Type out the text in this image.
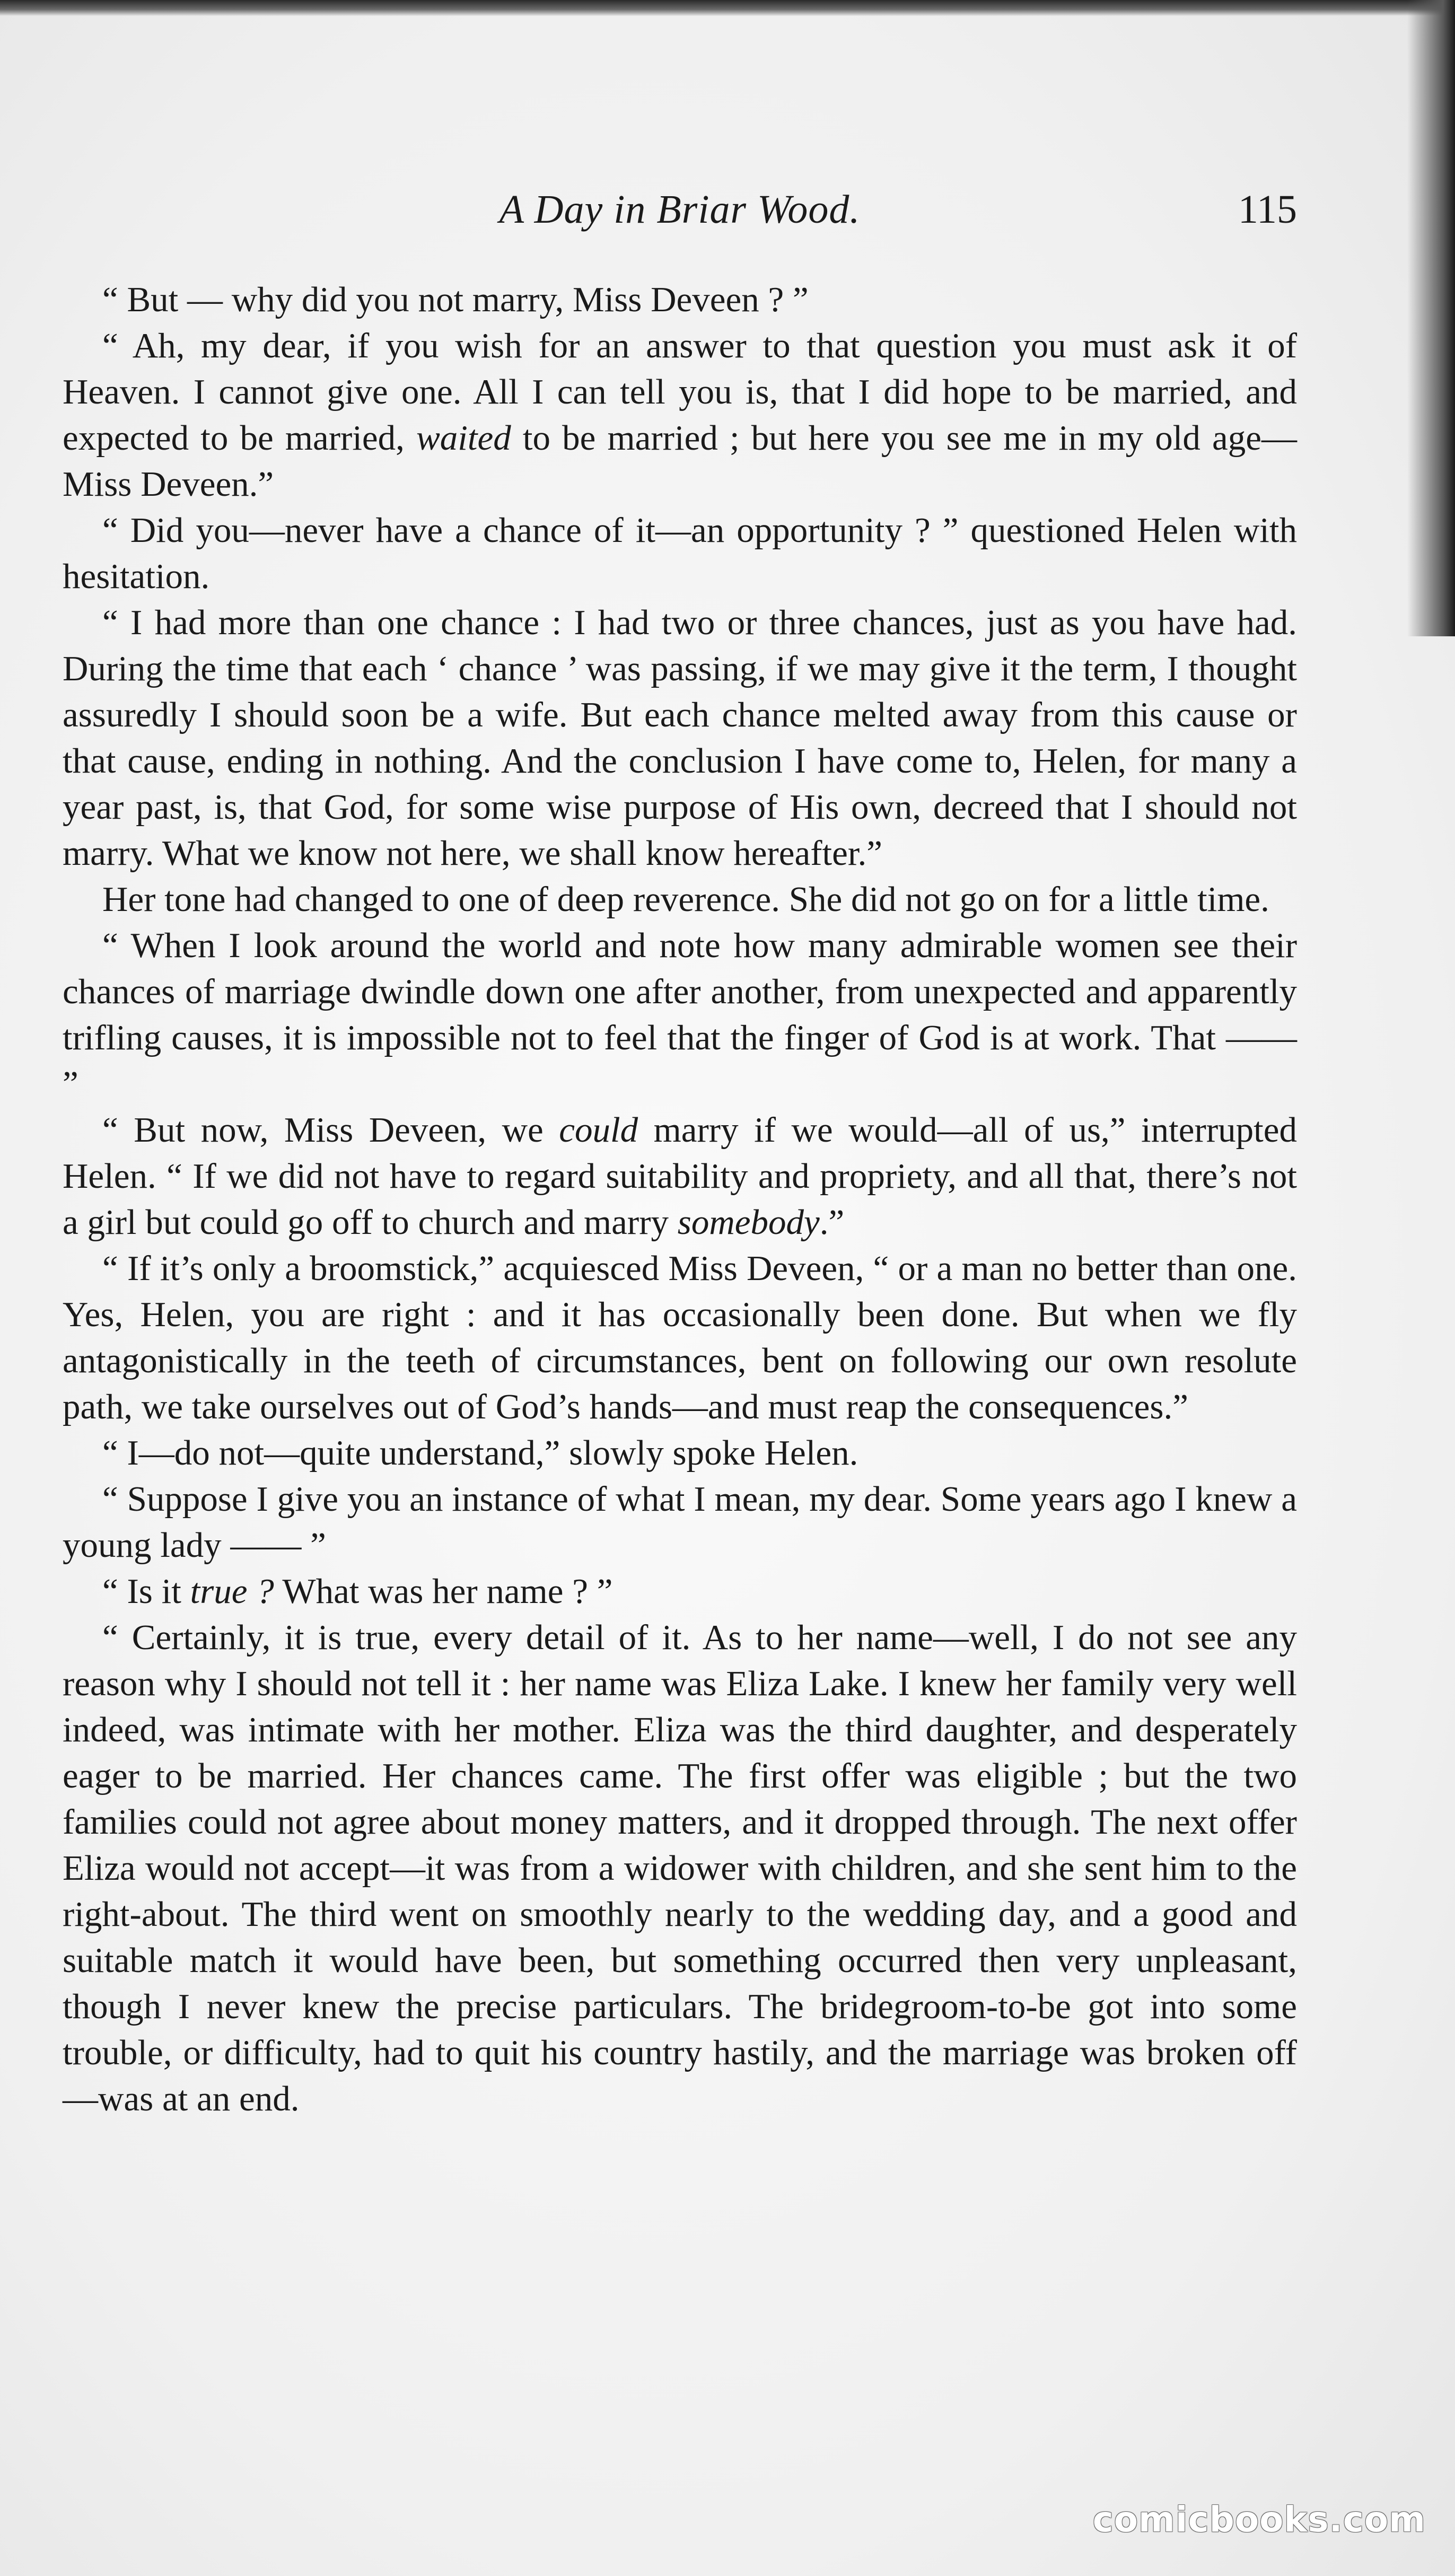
A Day in Briar Wood.	115

“ But — why did you not marry, Miss Deveen ? ”

“ Ah, my dear, if you wish for an answer to that question you must ask it of Heaven. I cannot give one. All I can tell you is, that I did hope to be married, and expected to be married, waited to be married ; but here you see me in my old age—Miss Deveen.”

“ Did you—never have a chance of it—an opportunity ? ” questioned Helen with hesitation.

“ I had more than one chance : I had two or three chances, just as you have had. During the time that each ‘ chance ’ was passing, if we may give it the term, I thought assuredly I should soon be a wife. But each chance melted away from this cause or that cause, ending in nothing. And the conclusion I have come to, Helen, for many a year past, is, that God, for some wise purpose of His own, decreed that I should not marry. What we know not here, we shall know hereafter.”

Her tone had changed to one of deep reverence. She did not go on for a little time.

“ When I look around the world and note how many admirable women see their chances of marriage dwindle down one after another, from unexpected and apparently trifling causes, it is impossible not to feel that the finger of God is at work. That —— ”

“ But now, Miss Deveen, we could marry if we would—all of us,” interrupted Helen. “ If we did not have to regard suitability and propriety, and all that, there’s not a girl but could go off to church and marry somebody.”

“ If it’s only a broomstick,” acquiesced Miss Deveen, “ or a man no better than one. Yes, Helen, you are right : and it has occasionally been done. But when we fly antagonistically in the teeth of circumstances, bent on following our own resolute path, we take ourselves out of God’s hands—and must reap the consequences.”

“ I—do not—quite understand,” slowly spoke Helen.

“ Suppose I give you an instance of what I mean, my dear. Some years ago I knew a young lady —— ”

“ Is it true ? What was her name ? ”

“ Certainly, it is true, every detail of it. As to her name—well, I do not see any reason why I should not tell it : her name was Eliza Lake. I knew her family very well indeed, was intimate with her mother. Eliza was the third daughter, and desperately eager to be married. Her chances came. The first offer was eligible ; but the two families could not agree about money matters, and it dropped through. The next offer Eliza would not accept—it was from a widower with children, and she sent him to the right-about. The third went on smoothly nearly to the wedding day, and a good and suitable match it would have been, but something occurred then very unpleasant, though I never knew the precise particulars. The bridegroom-to-be got into some trouble, or difficulty, had to quit his country hastily, and the marriage was broken off—was at an end.

comicbooks.com
